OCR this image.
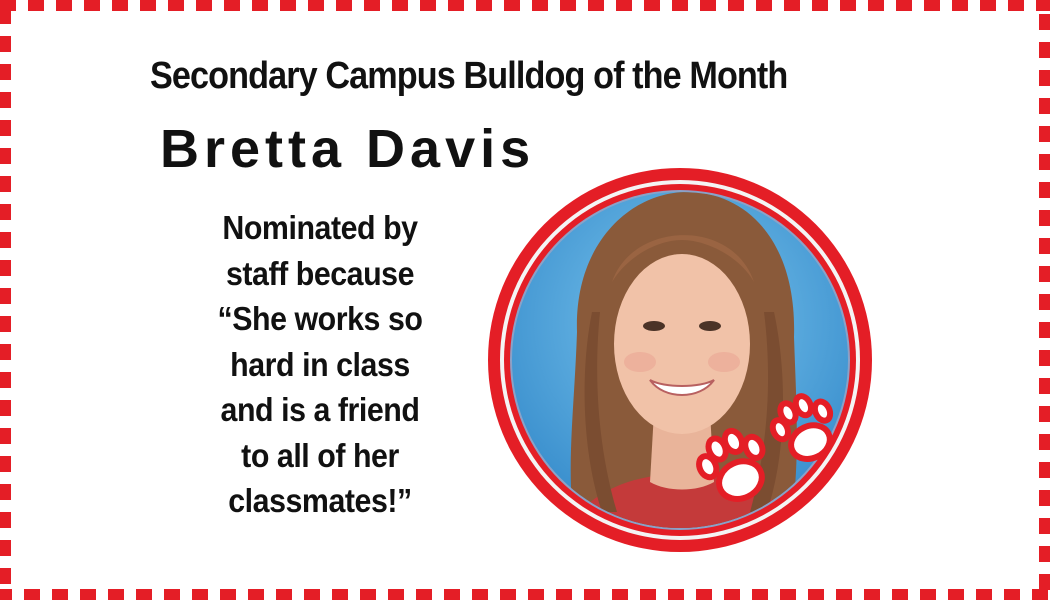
Secondary Campus Bulldog of the Month
Bretta Davis
Nominated by
staff because
“She works so
hard in class
and is a friend
to all of her
classmates!”
